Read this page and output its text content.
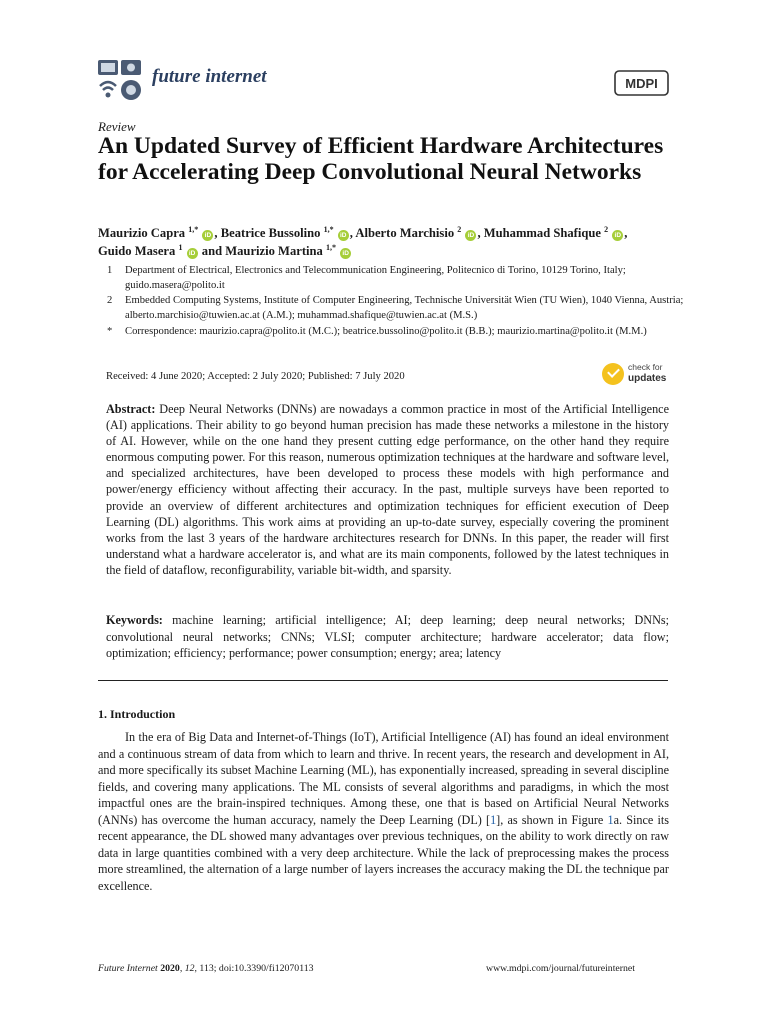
future internet	MDPI
Review
An Updated Survey of Efficient Hardware Architectures for Accelerating Deep Convolutional Neural Networks
Maurizio Capra $^{1,*}$ iD , Beatrice Bussolino $^{1,*}$ iD , Alberto Marchisio $^2$ iD , Muhammad Shafique $^2$ iD ,
Guido Masera $^1$ iD and Maurizio Martina $^{1,*}$ iD
1	Department of Electrical, Electronics and Telecommunication Engineering, Politecnico di Torino, 10129 Torino, Italy; guido.masera@polito.it
2	Embedded Computing Systems, Institute of Computer Engineering, Technische Universität Wien (TU Wien), 1040 Vienna, Austria; alberto.marchisio@tuwien.ac.at (A.M.); muhammad.shafique@tuwien.ac.at (M.S.)
*	Correspondence: maurizio.capra@polito.it (M.C.); beatrice.bussolino@polito.it (B.B.); maurizio.martina@polito.it (M.M.)
Received: 4 June 2020; Accepted: 2 July 2020; Published: 7 July 2020
check for
updates
Abstract: Deep Neural Networks (DNNs) are nowadays a common practice in most of the Artificial Intelligence (AI) applications. Their ability to go beyond human precision has made these networks a milestone in the history of AI. However, while on the one hand they present cutting edge performance, on the other hand they require enormous computing power. For this reason, numerous optimization techniques at the hardware and software level, and specialized architectures, have been developed to process these models with high performance and power/energy efficiency without affecting their accuracy. In the past, multiple surveys have been reported to provide an overview of different architectures and optimization techniques for efficient execution of Deep Learning (DL) algorithms. This work aims at providing an up-to-date survey, especially covering the prominent works from the last 3 years of the hardware architectures research for DNNs. In this paper, the reader will first understand what a hardware accelerator is, and what are its main components, followed by the latest techniques in the field of dataflow, reconfigurability, variable bit-width, and sparsity.
Keywords: machine learning; artificial intelligence; AI; deep learning; deep neural networks; DNNs; convolutional neural networks; CNNs; VLSI; computer architecture; hardware accelerator; data flow; optimization; efficiency; performance; power consumption; energy; area; latency
1. Introduction
In the era of Big Data and Internet-of-Things (IoT), Artificial Intelligence (AI) has found an ideal environment and a continuous stream of data from which to learn and thrive. In recent years, the research and development in AI, and more specifically its subset Machine Learning (ML), has exponentially increased, spreading in several discipline fields, and covering many applications. The ML consists of several algorithms and paradigms, in which the most impactful ones are the brain-inspired techniques. Among these, one that is based on Artificial Neural Networks (ANNs) has overcome the human accuracy, namely the Deep Learning (DL) [1], as shown in Figure 1a. Since its recent appearance, the DL showed many advantages over previous techniques, on the ability to work directly on raw data in large quantities combined with a very deep architecture. While the lack of preprocessing makes the process more streamlined, the alternation of a large number of layers increases the accuracy making the DL the technique par excellence.
Future Internet 2020, 12, 113; doi:10.3390/fi12070113	www.mdpi.com/journal/futureinternet
